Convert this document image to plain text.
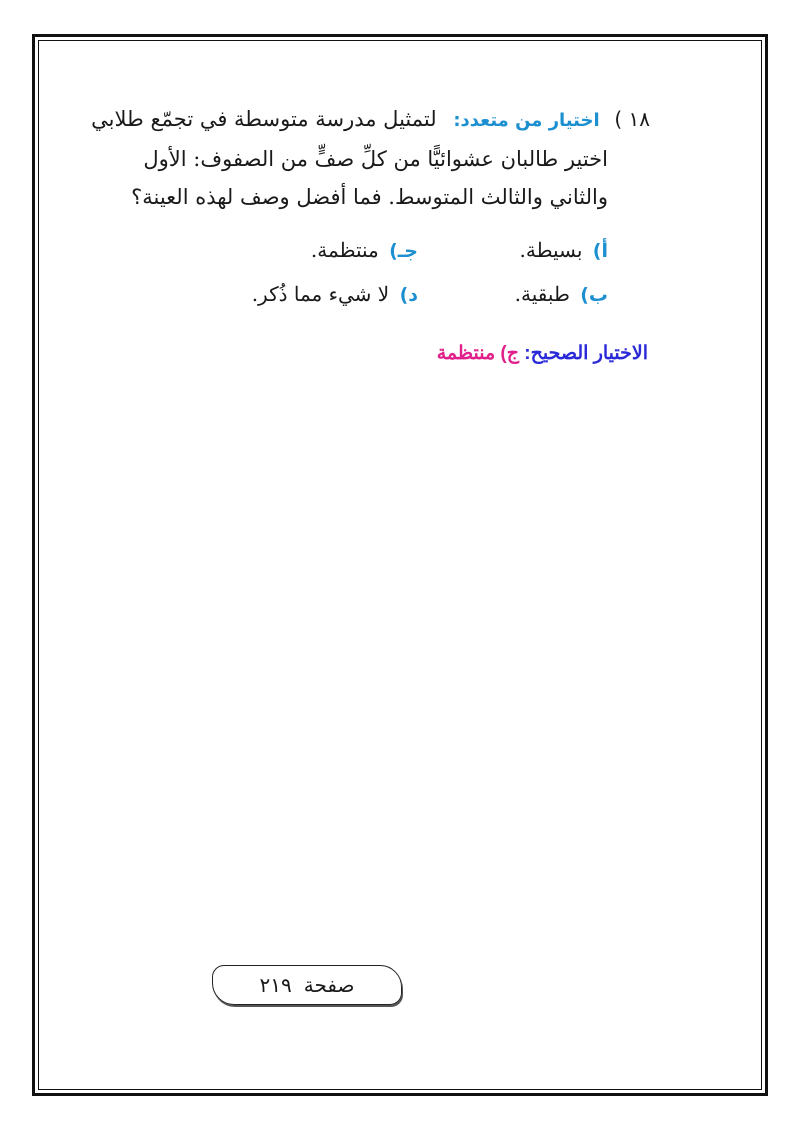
١٨ ) اختيار من متعدد: لتمثيل مدرسة متوسطة في تجمّع طلابي
اختير طالبان عشوائيًّا من كلِّ صفٍّ من الصفوف: الأول
والثاني والثالث المتوسط. فما أفضل وصف لهذه العينة؟
أ) بسيطة.
جـ) منتظمة.
ب) طبقية.
د) لا شيء مما ذُكر.
الاختيار الصحيح: ج) منتظمة
صفحة
٢١٩
